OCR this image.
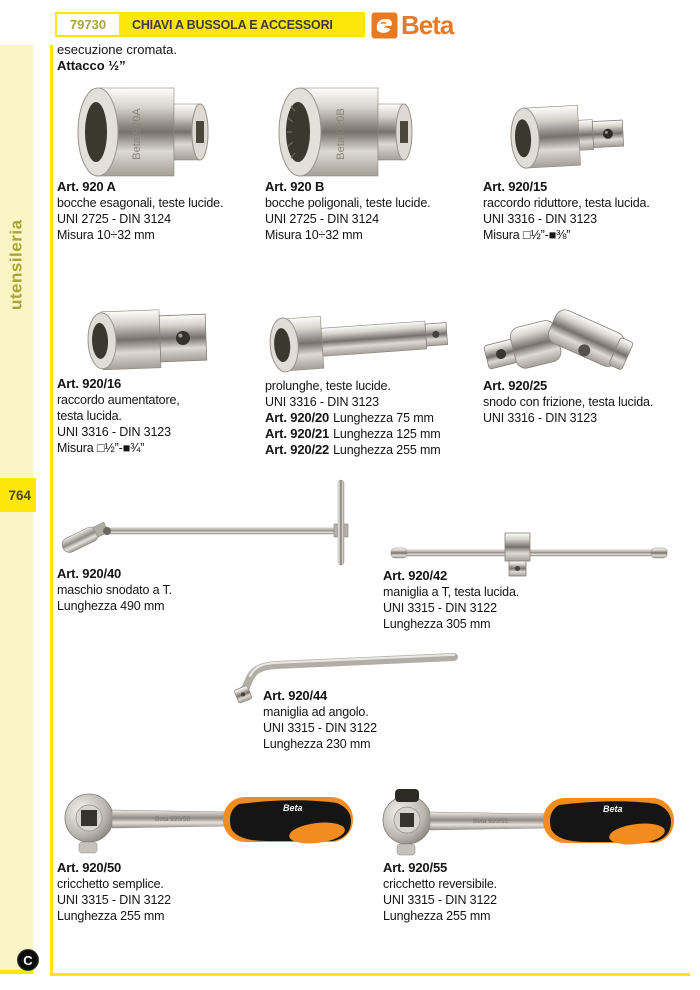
utensileria
764
C
79730	CHIAVI A BUSSOLA E ACCESSORI	Beta
esecuzione cromata.
Attacco ½”
Beta 920A	Beta 920B
Beta 920/50
Beta
Beta 920/55
Beta
Art. 920 A
bocche esagonali, teste lucide.
UNI 2725 - DIN 3124
Misura 10÷32 mm
Art. 920 B
bocche poligonali, teste lucide.
UNI 2725 - DIN 3124
Misura 10÷32 mm
Art. 920/15
raccordo riduttore, testa lucida.
UNI 3316 - DIN 3123
Misura □½”-■⅜”
Art. 920/16
raccordo aumentatore,
testa lucida.
UNI 3316 - DIN 3123
Misura □½”-■¾”
prolunghe, teste lucide.
UNI 3316 - DIN 3123
Art. 920/20 Lunghezza 75 mm
Art. 920/21 Lunghezza 125 mm
Art. 920/22 Lunghezza 255 mm
Art. 920/25
snodo con frizione, testa lucida.
UNI 3316 - DIN 3123
Art. 920/40
maschio snodato a T.
Lunghezza 490 mm
Art. 920/42
maniglia a T, testa lucida.
UNI 3315 - DIN 3122
Lunghezza 305 mm
Art. 920/44
maniglia ad angolo.
UNI 3315 - DIN 3122
Lunghezza 230 mm
Art. 920/50
cricchetto semplice.
UNI 3315 - DIN 3122
Lunghezza 255 mm
Art. 920/55
cricchetto reversibile.
UNI 3315 - DIN 3122
Lunghezza 255 mm
